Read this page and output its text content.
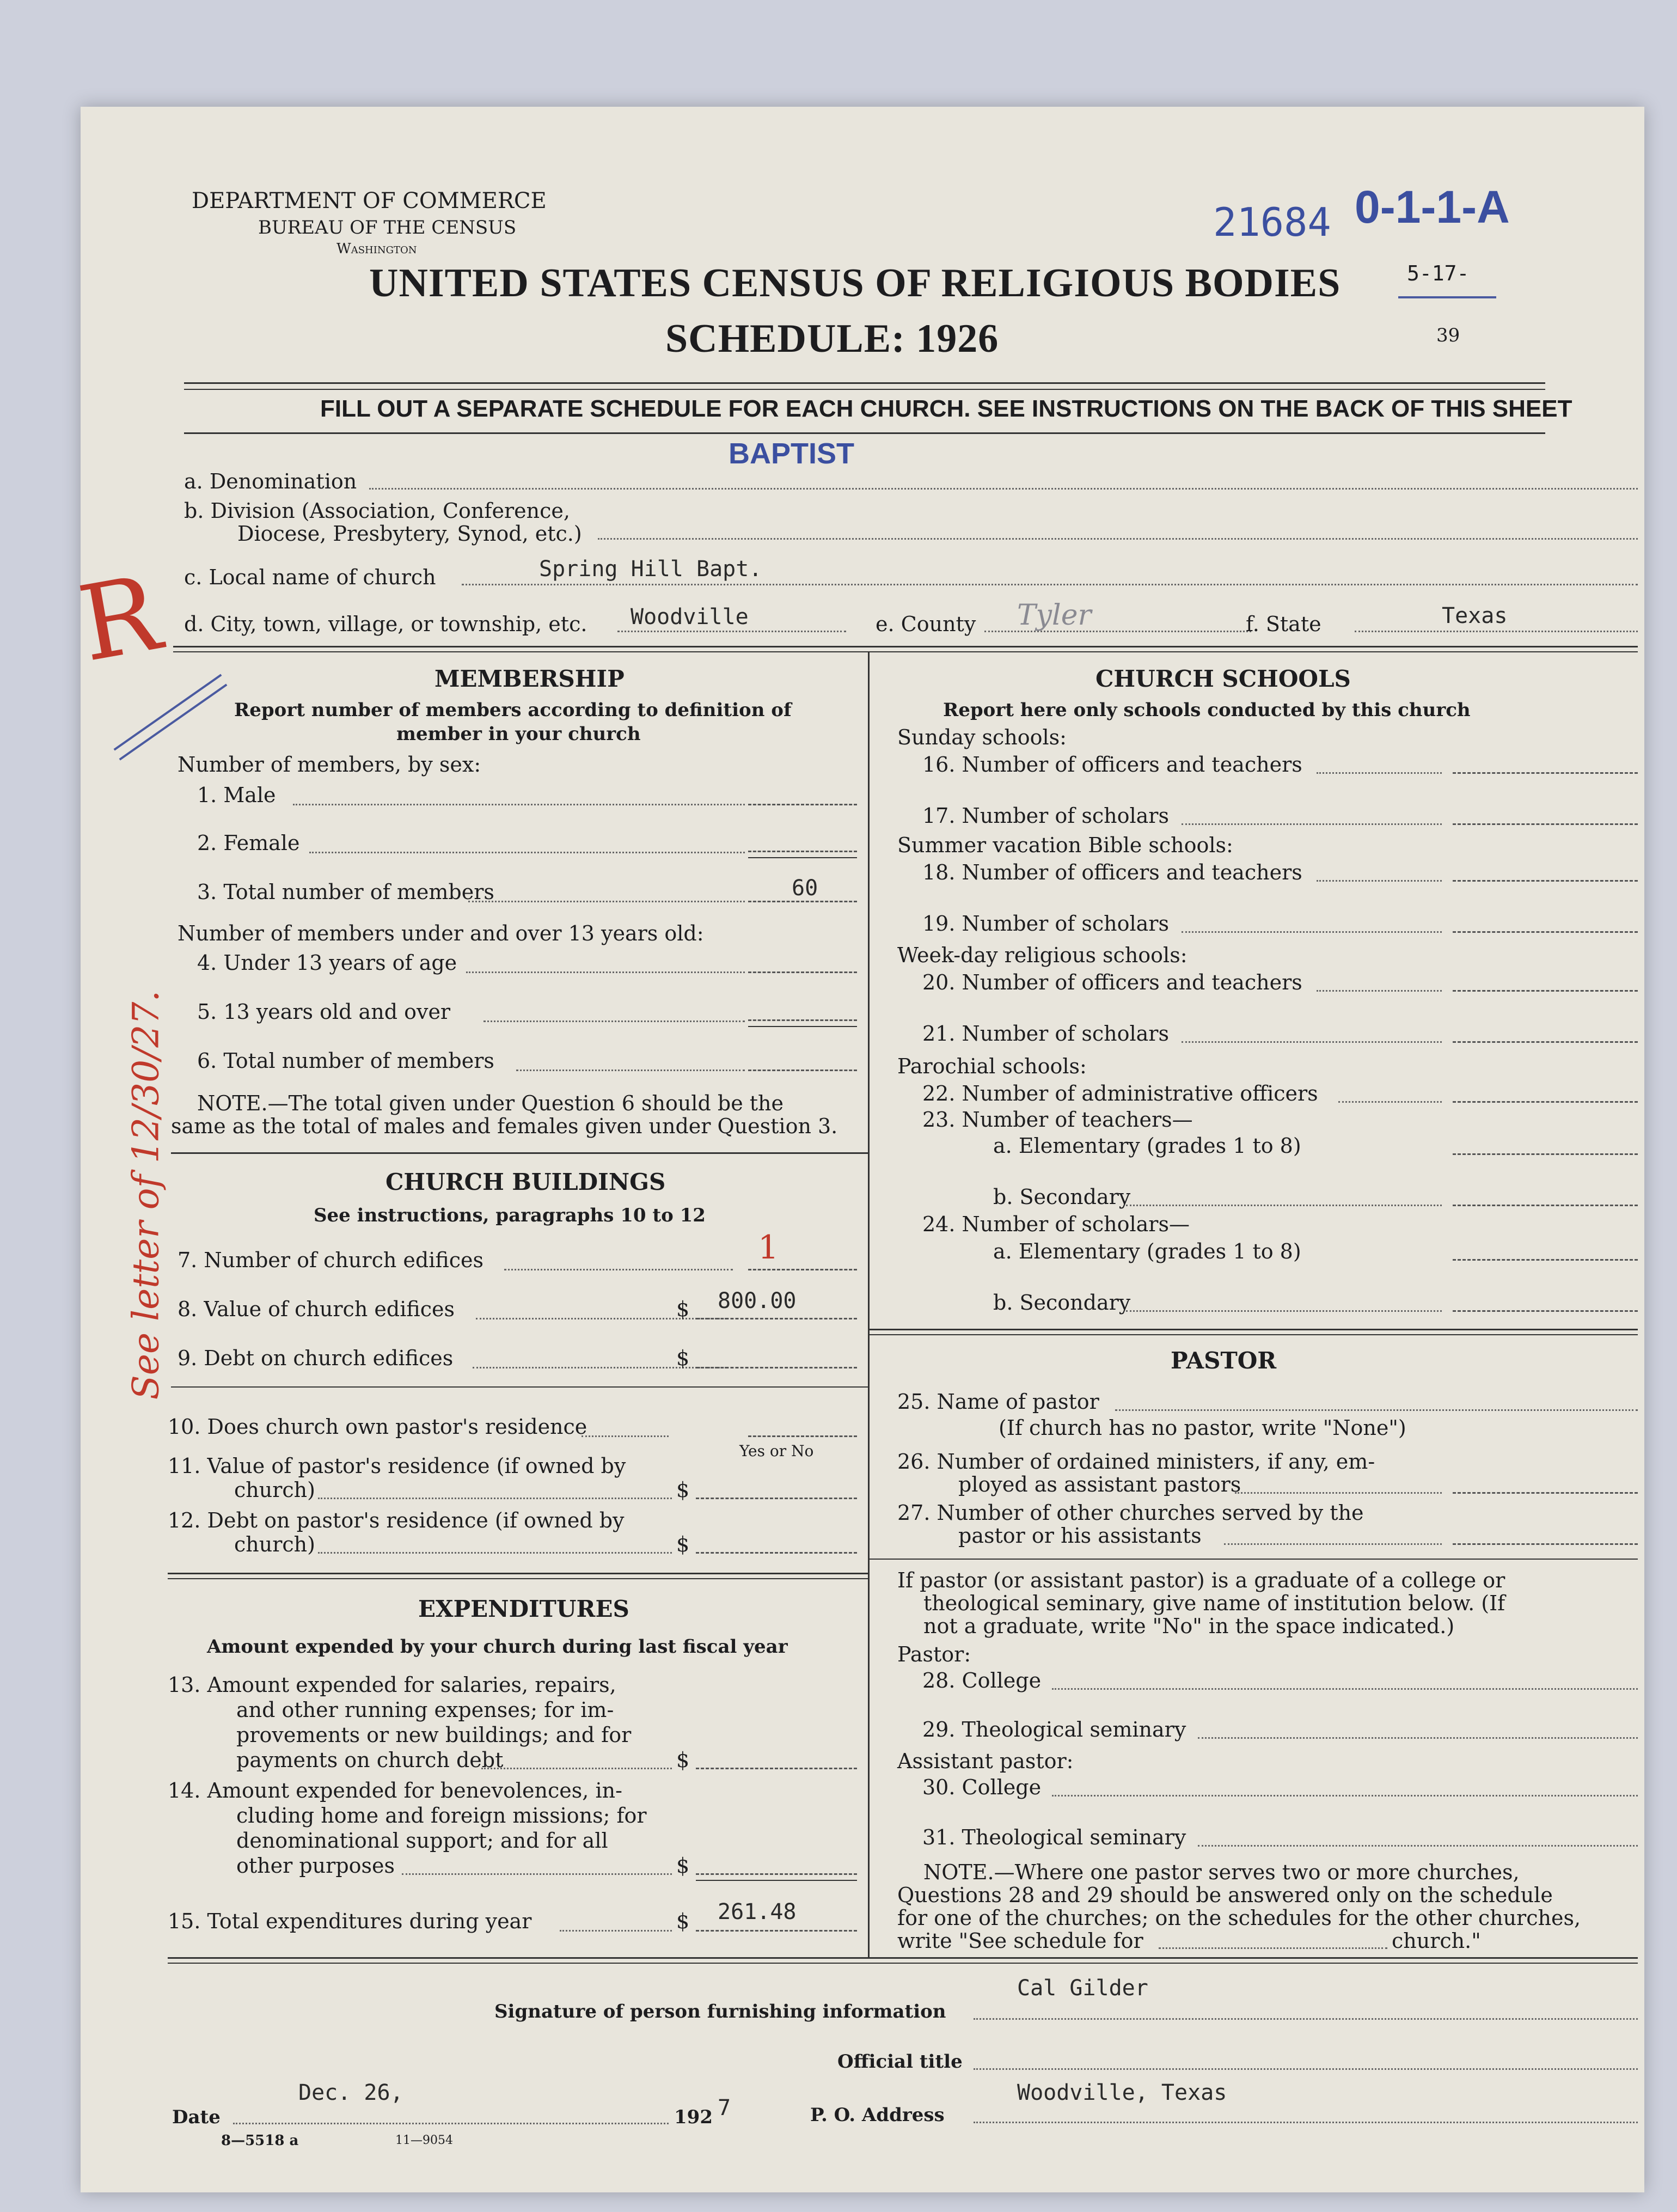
DEPARTMENT OF COMMERCE
BUREAU OF THE CENSUS
Washington
21684 0-1-1-A
UNITED STATES CENSUS OF RELIGIOUS BODIES	5-17-
39
SCHEDULE: 1926
FILL OUT A SEPARATE SCHEDULE FOR EACH CHURCH. SEE INSTRUCTIONS ON THE BACK OF THIS SHEET
BAPTIST
a. Denomination
b. Division (Association, Conference,
Diocese, Presbytery, Synod, etc.)
c. Local name of church	Spring Hill Bapt.
d. City, town, village, or township, etc. Woodville	e. County Tyler	f. State	Texas
MEMBERSHIP
Report number of members according to definition of
member in your church
Number of members, by sex:
1. Male
2. Female
3. Total number of members	60
Number of members under and over 13 years old:
4. Under 13 years of age
5. 13 years old and over
6. Total number of members
NOTE.—The total given under Question 6 should be the
same as the total of males and females given under Question 3.
CHURCH BUILDINGS
See instructions, paragraphs 10 to 12
7. Number of church edifices	1
8. Value of church edifices	$ 800.00
9. Debt on church edifices	$
10. Does church own pastor's residence
Yes or No
11. Value of pastor's residence (if owned by
church)	$
12. Debt on pastor's residence (if owned by
church)	$
EXPENDITURES
Amount expended by your church during last fiscal year
13. Amount expended for salaries, repairs,
and other running expenses; for im-
provements or new buildings; and for
payments on church debt	$
14. Amount expended for benevolences, in-
cluding home and foreign missions; for
denominational support; and for all
other purposes	$
15. Total expenditures during year	$ 261.48
CHURCH SCHOOLS
Report here only schools conducted by this church
Sunday schools:
16. Number of officers and teachers
17. Number of scholars
Summer vacation Bible schools:
18. Number of officers and teachers
19. Number of scholars
Week-day religious schools:
20. Number of officers and teachers
21. Number of scholars
Parochial schools:
22. Number of administrative officers
23. Number of teachers—
a. Elementary (grades 1 to 8)
b. Secondary
24. Number of scholars—
a. Elementary (grades 1 to 8)
b. Secondary
PASTOR
25. Name of pastor
(If church has no pastor, write "None")
26. Number of ordained ministers, if any, em-
ployed as assistant pastors
27. Number of other churches served by the
pastor or his assistants
If pastor (or assistant pastor) is a graduate of a college or
theological seminary, give name of institution below. (If
not a graduate, write "No" in the space indicated.)
Pastor:
28. College
29. Theological seminary
Assistant pastor:
30. College
31. Theological seminary
NOTE.—Where one pastor serves two or more churches,
Questions 28 and 29 should be answered only on the schedule
for one of the churches; on the schedules for the other churches,
write "See schedule for	church."
Cal Gilder
Signature of person furnishing information
Official title
Dec. 26,
Date	192 7
Woodville, Texas
P. O. Address
8—5518 a	11—9054
R
See letter of 12/30/27.
